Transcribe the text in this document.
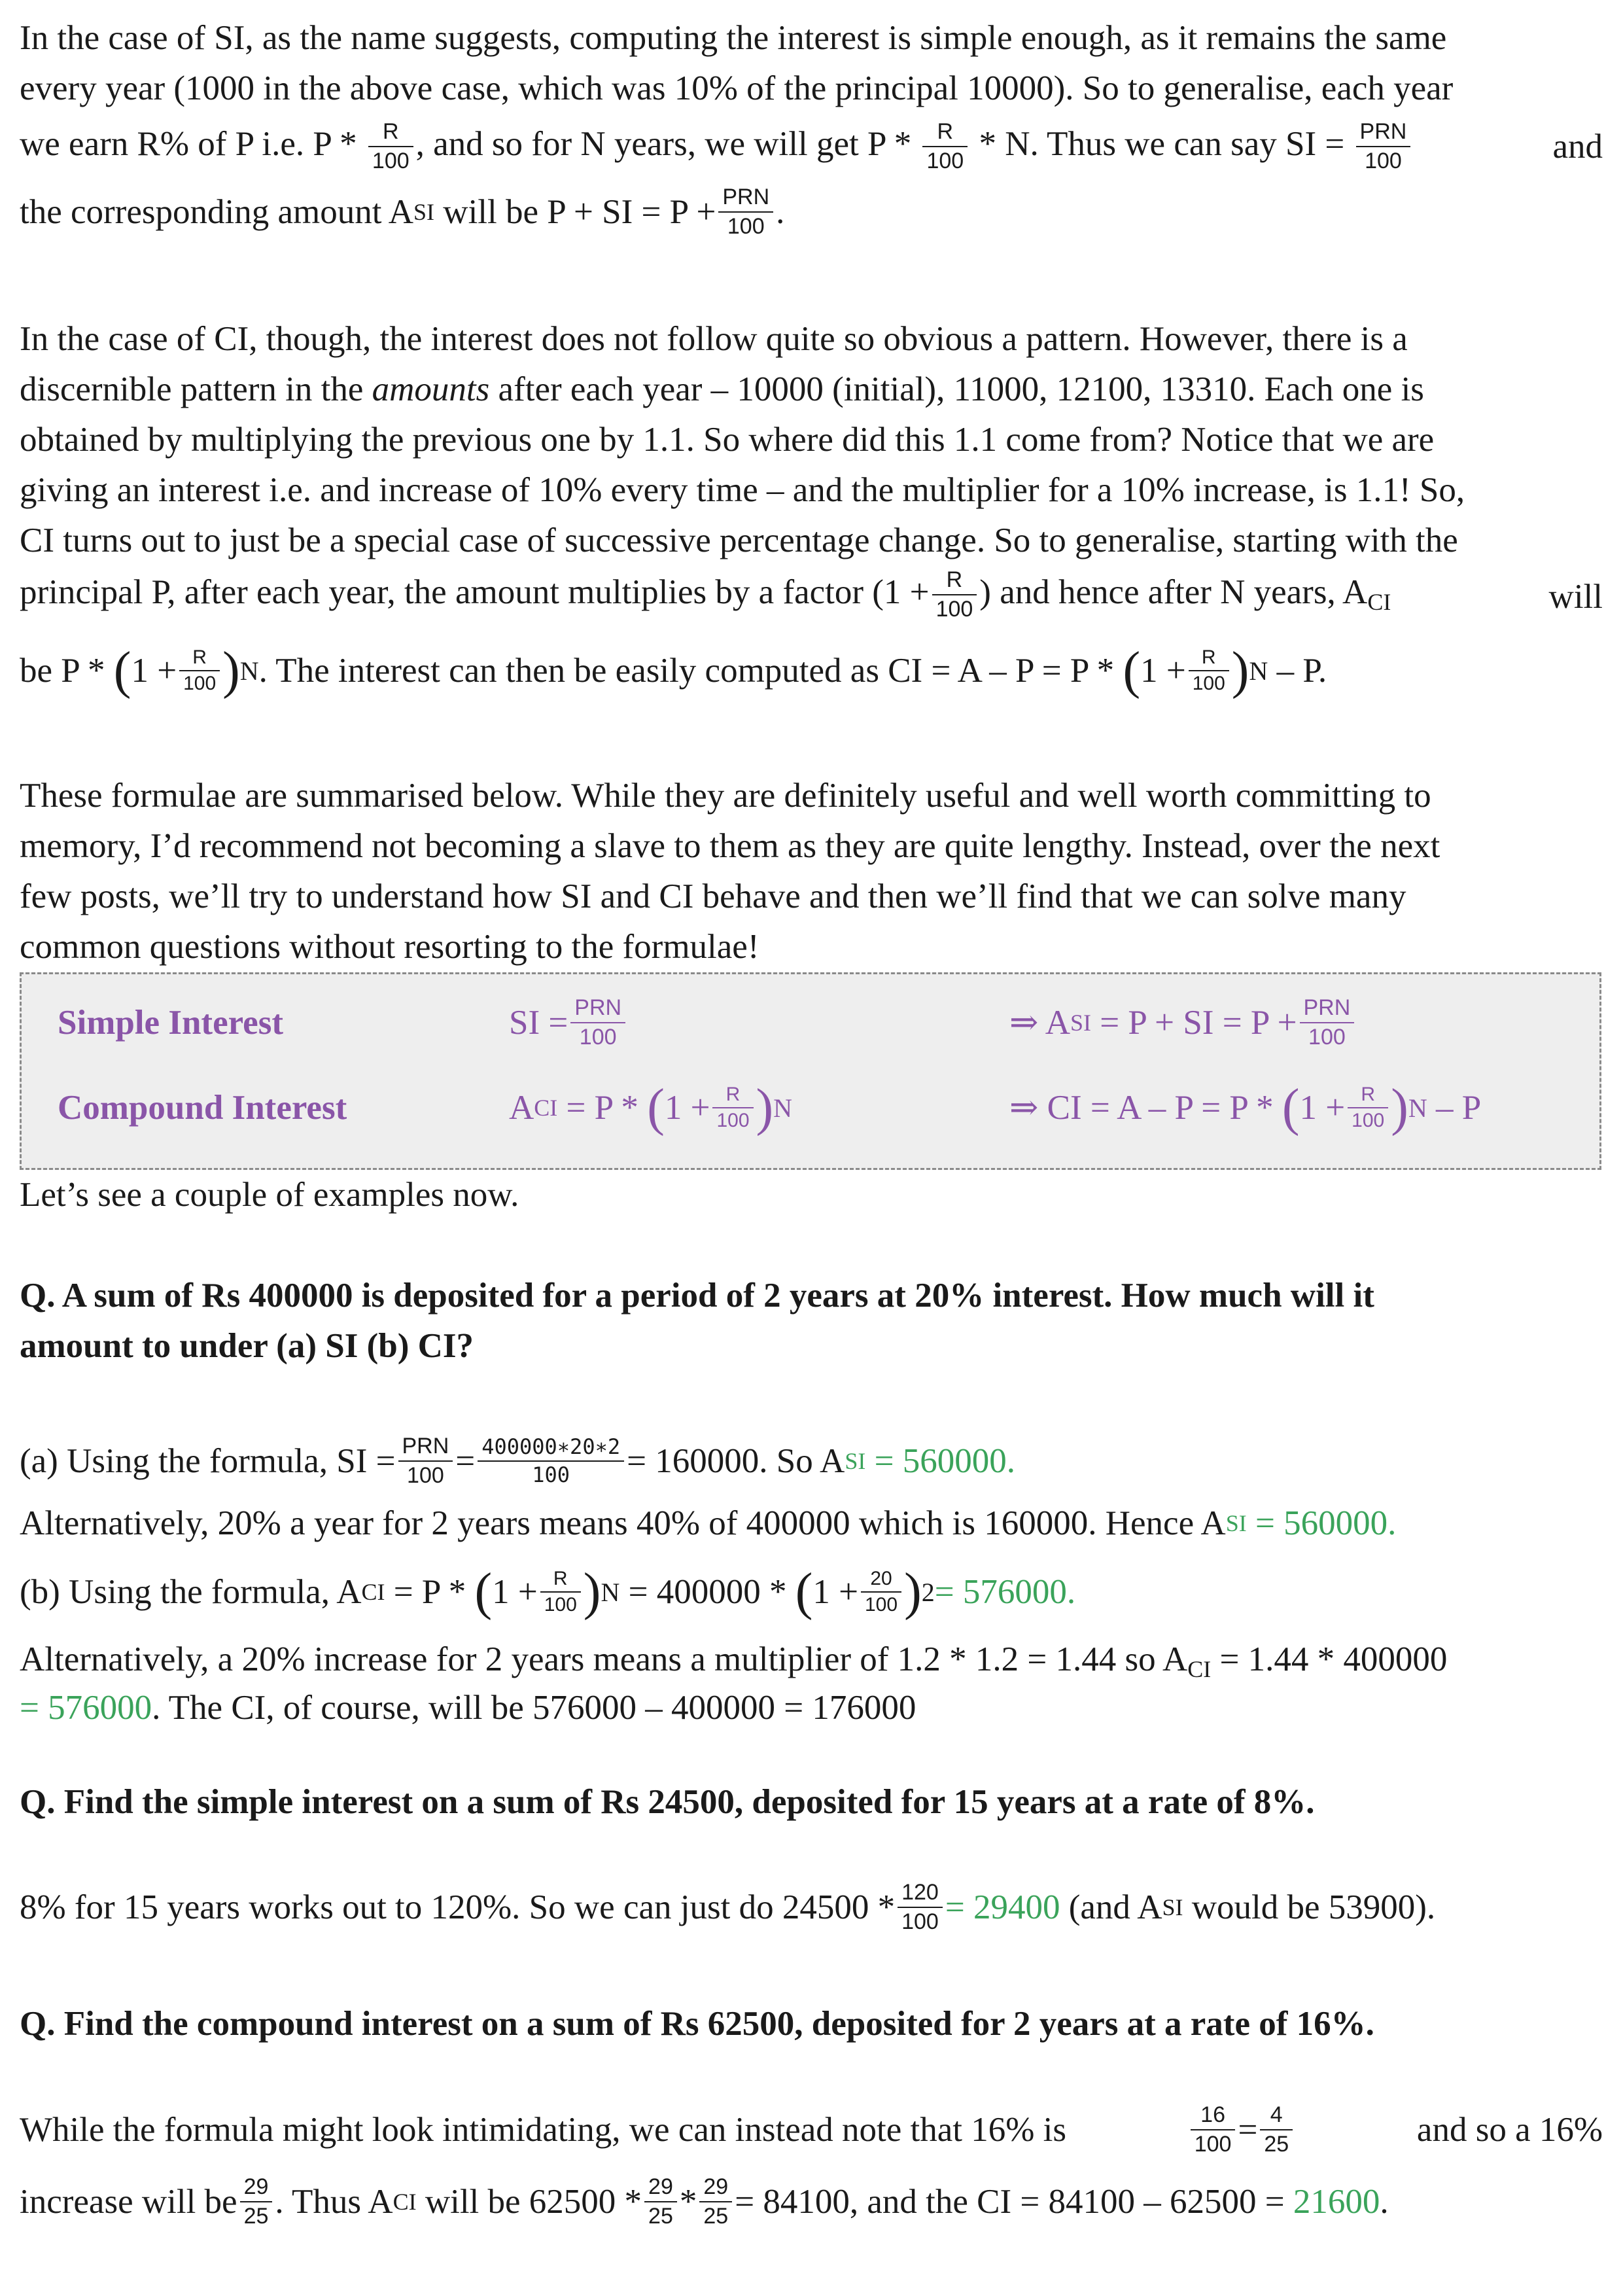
In the case of SI, as the name suggests, computing the interest is simple enough, as it remains the same

every year (1000 in the above case, which was 10% of the principal 10000). So to generalise, each year

we earn R% of P i.e. P * $\frac{R}{100}$ , and so for N years, we will get P * $\frac{R}{100}$ * N. Thus we can say SI = PRN
100	and

the corresponding amount A SI
will be P + SI = P + PRN
100 .

In the case of CI, though, the interest does not follow quite so obvious a pattern. However, there is a

discernible pattern in the amounts after each year – 10000 (initial), 11000, 12100, 13310. Each one is

obtained by multiplying the previous one by 1.1. So where did this 1.1 come from? Notice that we are

giving an interest i.e. and increase of 10% every time – and the multiplier for a 10% increase, is 1.1! So,

CI turns out to just be a special case of successive percentage change. So to generalise, starting with the

principal P, after each year, the amount multiplies by a factor ($1 + \frac{R}{100}$ ) and hence after N years, $A_{CI}$	will

be P *
( $1 + \frac{R}{100}$ ) N . The interest can then be easily computed as CI = A – P = P *
( $1 + \frac{R}{100}$ ) N
– P.

These formulae are summarised below. While they are definitely useful and well worth committing to

memory, I’d recommend not becoming a slave to them as they are quite lengthy. Instead, over the next

few posts, we’ll try to understand how SI and CI behave and then we’ll find that we can solve many

common questions without resorting to the formulae!

Simple Interest	SI = PRN
100	⇒ A SI
= P + SI = P + PRN
100
Compound Interest	A CI
= P *
( $1 + \frac{R}{100}$ ) N	⇒ CI = A – P = P *
( $1 + \frac{R}{100}$ ) N
– P

Let’s see a couple of examples now.

Q. A sum of Rs 400000 is deposited for a period of 2 years at 20% interest. How much will it

amount to under (a) SI (b) CI?

(a) Using the formula, SI = PRN
$100 = \frac{400000∗20∗2}{100} = 160000$. So A SI
= 560000.

Alternatively, 20% a year for 2 years means 40% of 400000 which is 160000. Hence A SI
= 560000.

(b) Using the formula, A CI
= P *
( $1 + \frac{R}{100}$ ) N
= 400000 *
( $1 + \frac{20}{100}$ ) 2 = 576000.

Alternatively, a 20% increase for 2 years means a multiplier of 1.2 * 1.2 = 1.44 so $A_{CI} = 1.44 * 400000$

= 576000. The CI, of course, will be 576000 – 400000 = 176000

Q. Find the simple interest on a sum of Rs 24500, deposited for 15 years at a rate of 8%.

8% for 15 years works out to 120%. So we can just do $24500 * \frac{120}{100} = 29400$
(and A SI
would be 53900).

Q. Find the compound interest on a sum of Rs 62500, deposited for 2 years at a rate of 16%.

While the formula might look intimidating, we can instead note that 16% is	$\frac{16}{100} = \frac{4}{25}$	and so a 16%

increase will be $\frac{29}{25}$ . Thus A CI
will be $62500 * \frac{29}{25} * \frac{29}{25} = 84100$, and the CI = 84100 – 62500 =
21600 .
